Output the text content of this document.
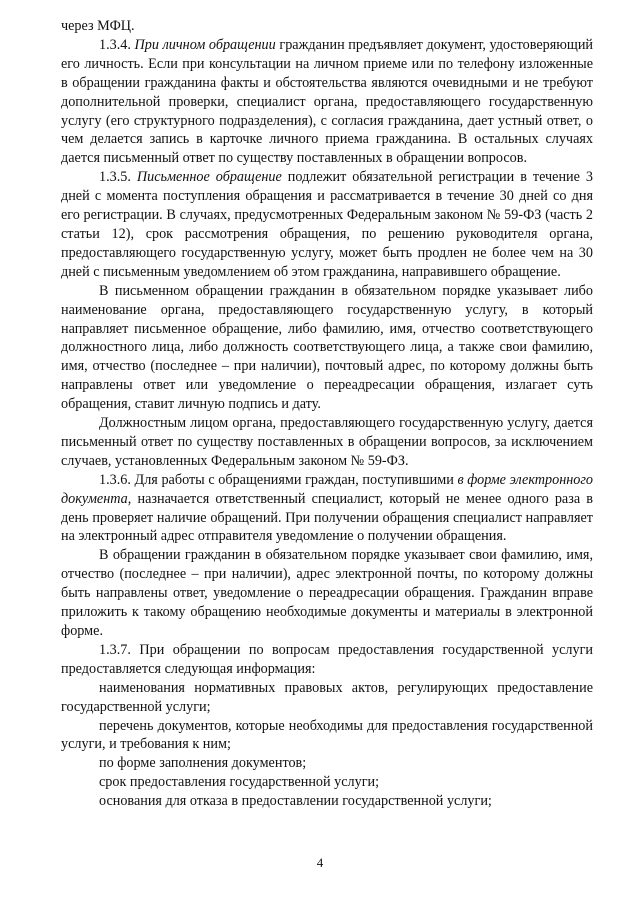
через МФЦ.

1.3.4. При личном обращении гражданин предъявляет документ, удостоверяющий его личность. Если при консультации на личном приеме или по телефону изложенные в обращении гражданина факты и обстоятельства являются очевидными и не требуют дополнительной проверки, специалист органа, предоставляющего государственную услугу (его структурного подразделения), с согласия гражданина, дает устный ответ, о чем делается запись в карточке личного приема гражданина. В остальных случаях дается письменный ответ по существу поставленных в обращении вопросов.

1.3.5. Письменное обращение подлежит обязательной регистрации в течение 3 дней с момента поступления обращения и рассматривается в течение 30 дней со дня его регистрации. В случаях, предусмотренных Федеральным законом № 59-ФЗ (часть 2 статьи 12), срок рассмотрения обращения, по решению руководителя органа, предоставляющего государственную услугу, может быть продлен не более чем на 30 дней с письменным уведомлением об этом гражданина, направившего обращение.

В письменном обращении гражданин в обязательном порядке указывает либо наименование органа, предоставляющего государственную услугу, в который направляет письменное обращение, либо фамилию, имя, отчество соответствующего должностного лица, либо должность соответствующего лица, а также свои фамилию, имя, отчество (последнее – при наличии), почтовый адрес, по которому должны быть направлены ответ или уведомление о переадресации обращения, излагает суть обращения, ставит личную подпись и дату.

Должностным лицом органа, предоставляющего государственную услугу, дается письменный ответ по существу поставленных в обращении вопросов, за исключением случаев, установленных Федеральным законом № 59-ФЗ.

1.3.6. Для работы с обращениями граждан, поступившими в форме электронного документа, назначается ответственный специалист, который не менее одного раза в день проверяет наличие обращений. При получении обращения специалист направляет на электронный адрес отправителя уведомление о получении обращения.

В обращении гражданин в обязательном порядке указывает свои фамилию, имя, отчество (последнее – при наличии), адрес электронной почты, по которому должны быть направлены ответ, уведомление о переадресации обращения. Гражданин вправе приложить к такому обращению необходимые документы и материалы в электронной форме.

1.3.7. При обращении по вопросам предоставления государственной услуги предоставляется следующая информация:

наименования нормативных правовых актов, регулирующих предоставление государственной услуги;

перечень документов, которые необходимы для предоставления государственной услуги, и требования к ним;

по форме заполнения документов;

срок предоставления государственной услуги;

основания для отказа в предоставлении государственной услуги;

4
